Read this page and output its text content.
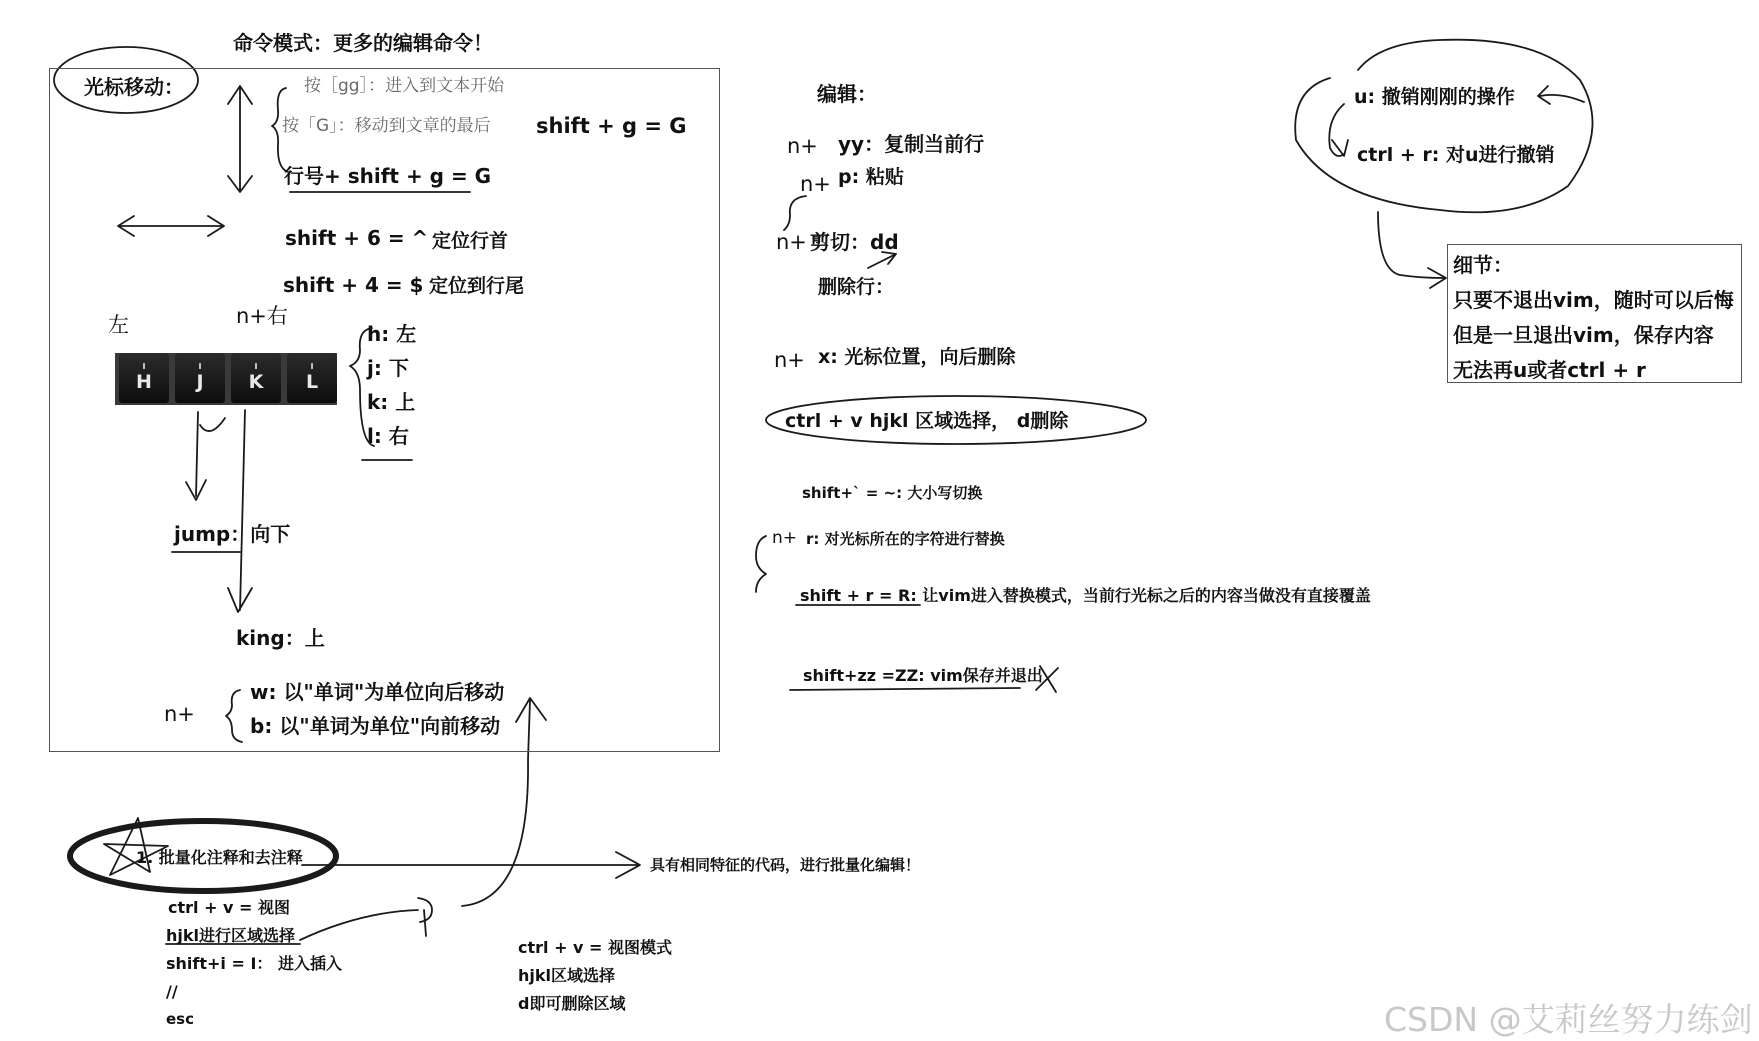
命令模式：更多的编辑命令！
光标移动：	按［gg］：进入到文本开始
按「G」：移动到文章的最后 shift + g = G
行号+ shift + g = G
shift + 6 = ^ 定位行首
shift + 4 = $ 定位到行尾
左	n+右
H J K L
h: 左
j: 下
k: 上
l: 右
jump：向下
king：上
w: 以"单词"为单位向后移动
b: 以"单词为单位"向前移动
n+
1. 批量化注释和去注释	具有相同特征的代码，进行批量化编辑！
ctrl + v = 视图
hjkl进行区域选择
shift+i = I： 进入插入
//
esc
ctrl + v = 视图模式
hjkl区域选择
d即可删除区域
编辑：
n+ yy：复制当前行
n+ p: 粘贴
n+ 剪切：dd
删除行：
n+ x: 光标位置，向后删除
ctrl + v hjkl 区域选择， d删除
shift+` = ~: 大小写切换
n+ r: 对光标所在的字符进行替换
shift + r = R: 让vim进入替换模式，当前行光标之后的内容当做没有直接覆盖
shift+zz =ZZ: vim保存并退出
u: 撤销刚刚的操作
ctrl + r: 对u进行撤销
细节：
只要不退出vim，随时可以后悔
但是一旦退出vim，保存内容
无法再u或者ctrl + r
CSDN @艾莉丝努力练剑
